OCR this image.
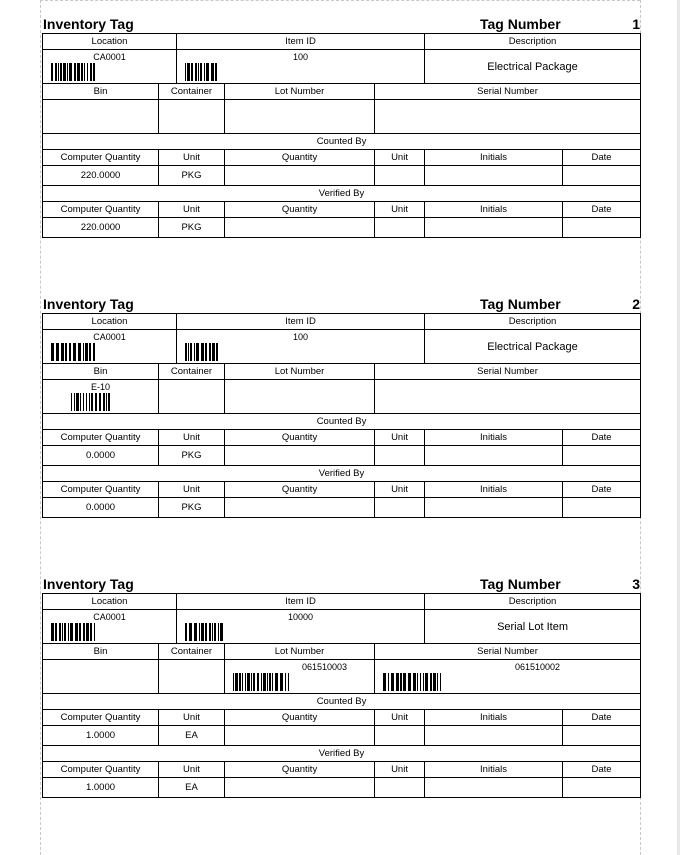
Inventory Tag	Tag Number	1
Location		Item ID			Description	

CA0001		100			Electrical Package	
Bin	Container		Lot Number	Serial Number		

Counted By						
Computer Quantity	Unit		Quantity	Unit	Initials	Date
220.0000	PKG					
Verified By						
Computer Quantity	Unit		Quantity	Unit	Initials	Date
220.0000	PKG					
Inventory Tag	Tag Number	2
Location		Item ID			Description	

CA0001		100			Electrical Package	
Bin	Container		Lot Number	Serial Number		

E-10						

Counted By						
Computer Quantity	Unit		Quantity	Unit	Initials	Date
0.0000	PKG					
Verified By						
Computer Quantity	Unit		Quantity	Unit	Initials	Date
0.0000	PKG					
Inventory Tag	Tag Number	3
Location		Item ID			Description	

CA0001		10000			Serial Lot Item	
Bin	Container		Lot Number	Serial Number		

			061510003	061510002		

Counted By						
Computer Quantity	Unit		Quantity	Unit	Initials	Date
1.0000	EA					
Verified By						
Computer Quantity	Unit		Quantity	Unit	Initials	Date
1.0000	EA					
